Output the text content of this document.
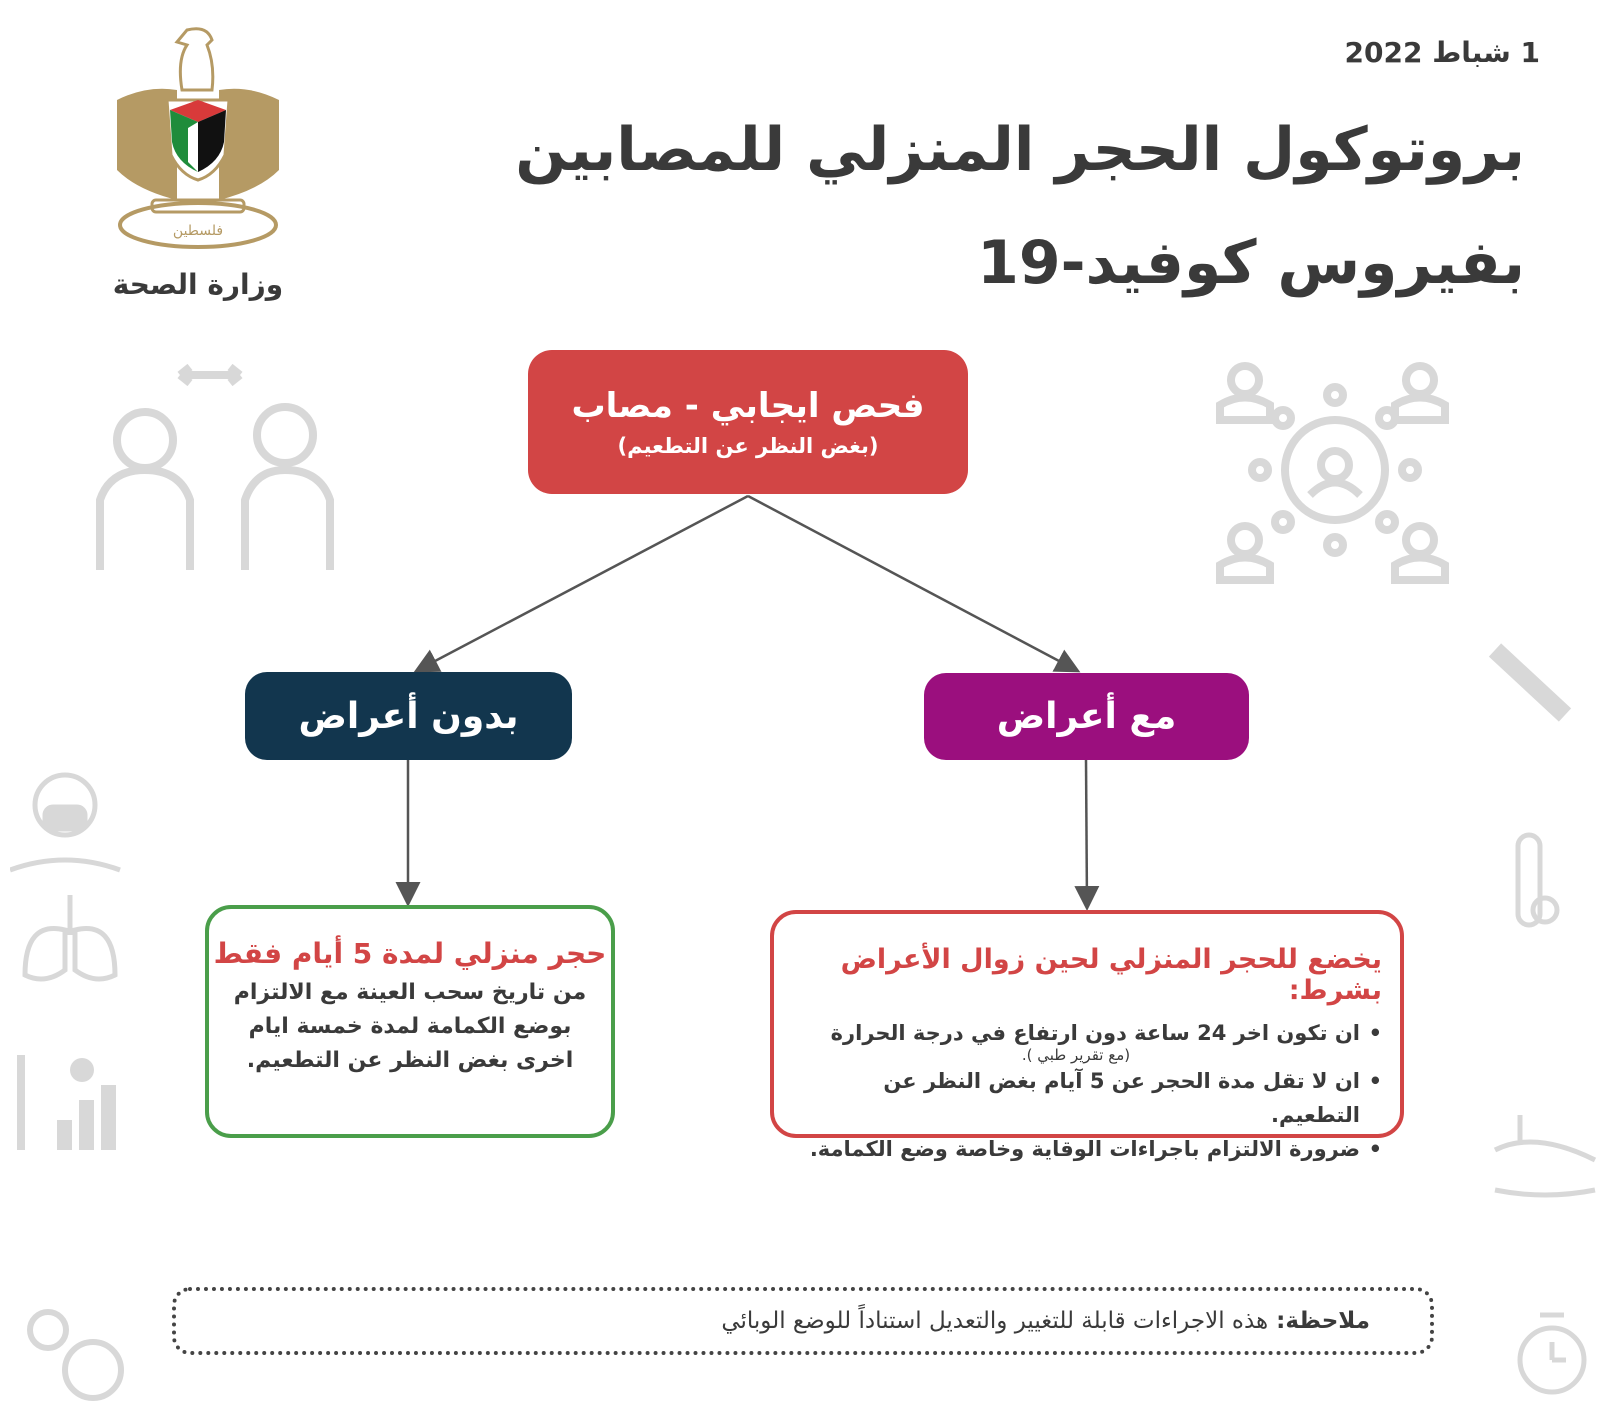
1 شباط 2022
بروتوكول الحجر المنزلي للمصابين
بفيروس كوفيد-19
فلسطين
وزارة الصحة
فحص ايجابي - مصاب
(بغض النظر عن التطعيم)
بدون أعراض	مع أعراض
حجر منزلي لمدة 5 أيام فقط
من تاريخ سحب العينة مع الالتزام
بوضع الكمامة لمدة خمسة ايام
اخرى بغض النظر عن التطعيم.
يخضع للحجر المنزلي لحين زوال الأعراض بشرط:
• ان تكون اخر 24 ساعة دون ارتفاع في درجة الحرارة
(مع تقرير طبي ).
• ان لا تقل مدة الحجر عن 5 آيام بغض النظر عن التطعيم.
• ضرورة الالتزام باجراءات الوقاية وخاصة وضع الكمامة.
ملاحظة:
هذه الاجراءات قابلة للتغيير والتعديل استناداً للوضع الوبائي
